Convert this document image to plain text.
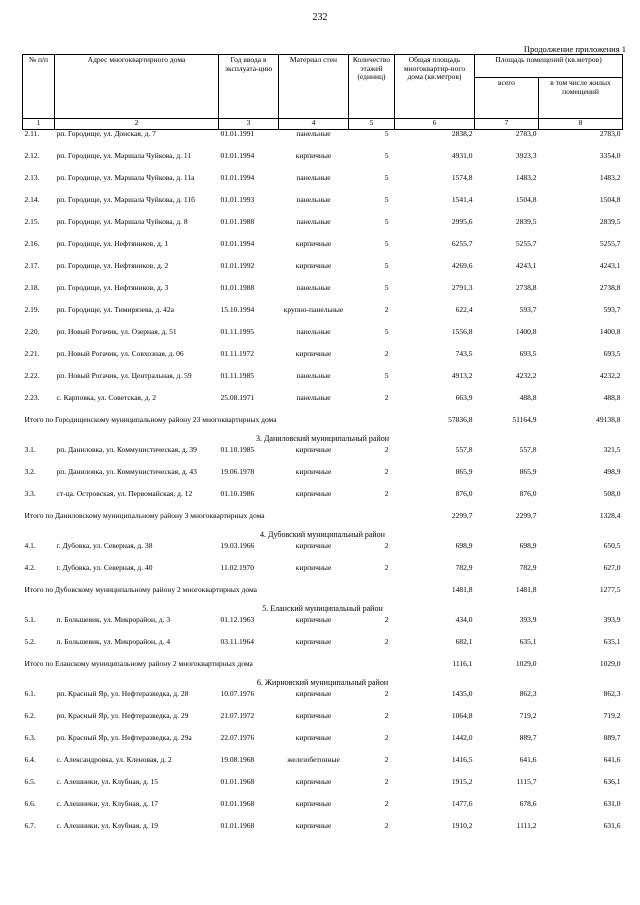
232
Продолжение приложения 1
№ п/п	Адрес многоквартирного дома	Год ввода в эксплуата-цию	Материал стен	Количество этажей (единиц)	Общая площадь многоквартир-ного дома (кв.метров)	Площадь помещений (кв.метров)	
						всего	в том числе жилых помещений
1	2	3	4	5	6	7	8
2.11.	рп. Городище, ул. Донская, д. 7	01.01.1991	панельные	5	2838,2	2783,0	2783,0
2.12.	рп. Городище, ул. Маршала Чуйкова, д. 11	01.01.1994	кирпичные	5	4931,0	3923,3	3354,0
2.13.	рп. Городище, ул. Маршала Чуйкова, д. 11а	01.01.1994	панельные	5	1574,8	1483,2	1483,2
2.14.	рп. Городище, ул. Маршала Чуйкова, д. 11б	01.01.1993	панельные	5	1541,4	1504,8	1504,8
2.15.	рп. Городище, ул. Маршала Чуйкова, д. 8	01.01.1988	панельные	5	2995,6	2839,5	2839,5
2.16.	рп. Городище, ул. Нефтяников, д. 1	01.01.1994	кирпичные	5	6255,7	5255,7	5255,7
2.17.	рп. Городище, ул. Нефтяников, д. 2	01.01.1992	кирпичные	5	4269,6	4243,1	4243,1
2.18.	рп. Городище, ул. Нефтяников, д. 3	01.01.1988	панельные	5	2791,3	2738,8	2738,8
2.19.	рп. Городище, ул. Тимирязева, д. 42а	15.10.1994	крупно-панельные	2	622,4	593,7	593,7
2.20.	рп. Новый Рогачик, ул. Озерная, д. 51	01.11.1995	панельные	5	1556,8	1400,8	1400,8
2.21.	рп. Новый Рогачик, ул. Совхозная, д. 06	01.11.1972	кирпичные	2	743,5	693,5	693,5
2.22.	рп. Новый Рогачик, ул. Центральная, д. 59	01.11.1985	панельные	5	4913,2	4232,2	4232,2
2.23.	с. Карповка, ул. Советская, д. 2	25.08.1971	панельные	2	663,9	488,8	488,8
Итого по Городищенскому муниципальному району 23 многоквартирных дома					57836,8	51164,9	49138,8
3. Даниловский муниципальный район							
3.1.	рп. Даниловка, ул. Коммунистическая, д. 39	01.10.1985	кирпичные	2	557,8	557,8	321,5
3.2.	рп. Даниловка, ул. Коммунистическая, д. 43	19.06.1978	кирпичные	2	865,9	865,9	498,9
3.3.	ст-ца. Островская, ул. Первомайская, д. 12	01.10.1986	кирпичные	2	876,0	876,0	508,0
Итого по Даниловскому муниципальному району 3 многоквартирных дома					2299,7	2299,7	1328,4
4. Дубовский муниципальный район							
4.1.	г. Дубовка, ул. Северная, д. 38	19.03.1966	кирпичные	2	698,9	698,9	650,5
4.2.	г. Дубовка, ул. Северная, д. 40	11.02.1970	кирпичные	2	782,9	782,9	627,0
Итого по Дубовскому муниципальному району 2 многоквартирных дома					1481,8	1481,8	1277,5
5. Еланский муниципальный район							
5.1.	п. Большевик, ул. Микрорайон, д. 3	01.12.1963	кирпичные	2	434,0	393,9	393,9
5.2.	п. Большевик, ул. Микрорайон, д. 4	03.11.1964	кирпичные	2	682,1	635,1	635,1
Итого по Еланскому муниципальному району 2 многоквартирных дома					1116,1	1029,0	1029,0
6. Жирновский муниципальный район							
6.1.	рп. Красный Яр, ул. Нефтеразведка, д. 28	10.07.1976	кирпичные	2	1435,0	862,3	862,3
6.2.	рп. Красный Яр, ул. Нефтеразведка, д. 29	21.07.1972	кирпичные	2	1064,8	719,2	719,2
6.3.	рп. Красный Яр, ул. Нефтеразведка, д. 29а	22.07.1976	кирпичные	2	1442,0	889,7	889,7
6.4.	с. Александровка, ул. Кленовая, д. 2	19.08.1968	железобетонные	2	1416,5	641,6	641,6
6.5.	с. Алешники, ул. Клубная, д. 15	01.01.1968	кирпичные	2	1915,2	1115,7	636,1
6.6.	с. Алешники, ул. Клубная, д. 17	01.01.1968	кирпичные	2	1477,6	678,6	631,0
6.7.	с. Алешники, ул. Клубная, д. 19	01.01.1968	кирпичные	2	1910,2	1111,2	631,6
